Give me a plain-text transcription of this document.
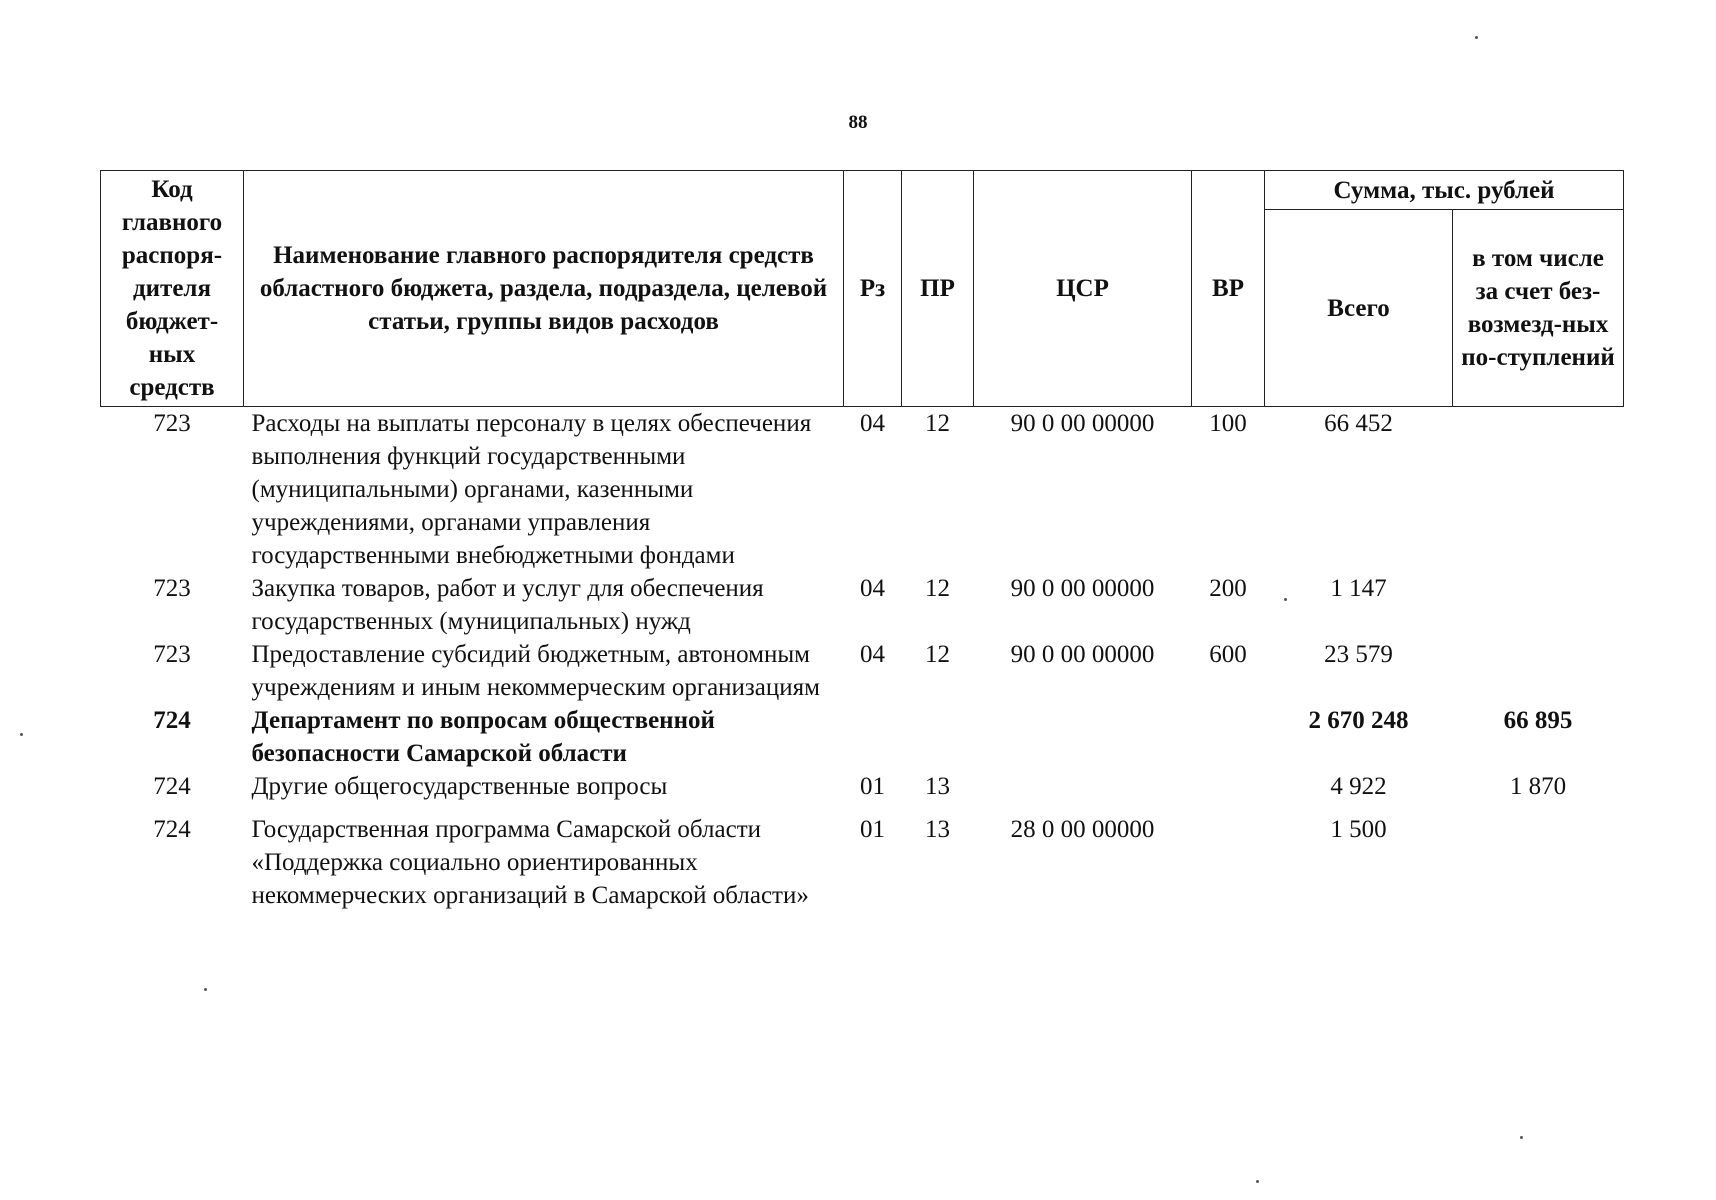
88
Код главного распоря-дителя бюджет-ных средств	Наименование главного распорядителя средств областного бюджета, раздела, подраздела, целевой статьи, группы видов расходов	Рз	ПР	ЦСР	ВР	Сумма, тыс. рублей	
						Всего	в том числе за счет без-возмезд-ных по-ступлений
723	Расходы на выплаты персоналу в целях обеспечения выполнения функций государственными (муниципальными) органами, казенными учреждениями, органами управления государственными внебюджетными фондами	04	12	90 0 00 00000	100	66 452	
723	Закупка товаров, работ и услуг для обеспечения государственных (муниципальных) нужд	04	12	90 0 00 00000	200	1 147	
723	Предоставление субсидий бюджетным, автономным учреждениям и иным некоммерческим организациям	04	12	90 0 00 00000	600	23 579	
724	Департамент по вопросам общественной безопасности Самарской области					2 670 248	66 895
724	Другие общегосударственные вопросы	01	13			4 922	1 870
724	Государственная программа Самарской области «Поддержка социально ориентированных некоммерческих организаций в Самарской области»	01	13	28 0 00 00000		1 500	
